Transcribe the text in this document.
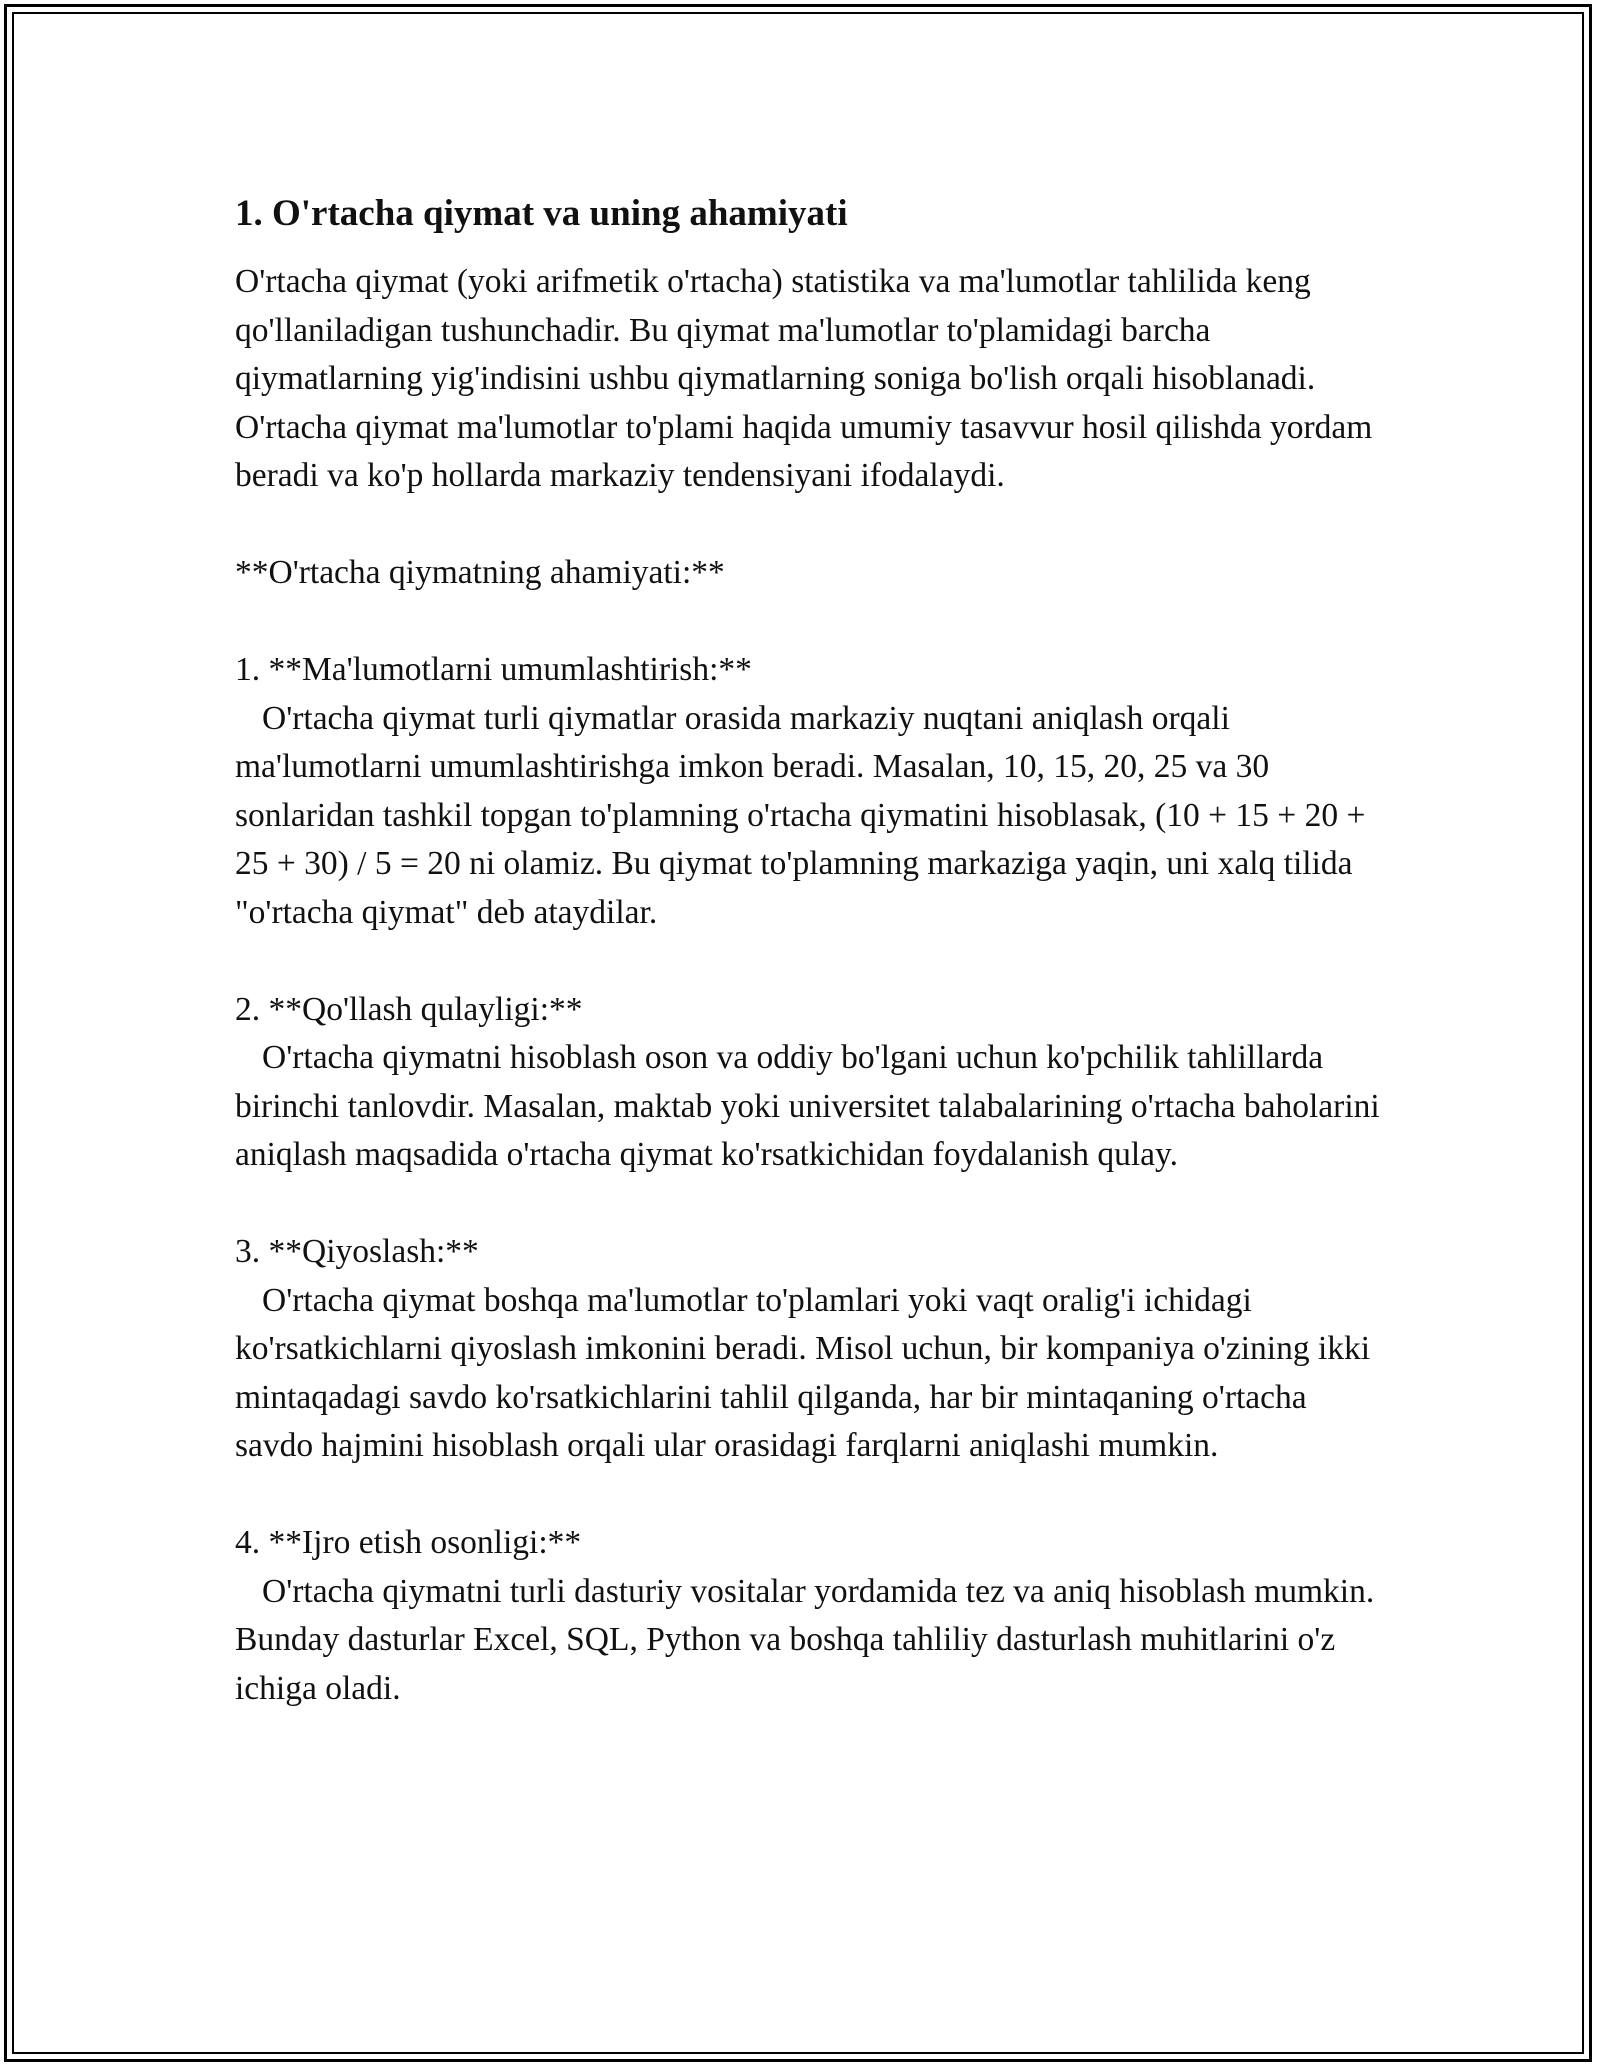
1. O'rtacha qiymat va uning ahamiyati

O'rtacha qiymat (yoki arifmetik o'rtacha) statistika va ma'lumotlar tahlilida keng qo'llaniladigan tushunchadir. Bu qiymat ma'lumotlar to'plamidagi barcha qiymatlarning yig'indisini ushbu qiymatlarning soniga bo'lish orqali hisoblanadi. O'rtacha qiymat ma'lumotlar to'plami haqida umumiy tasavvur hosil qilishda yordam beradi va ko'p hollarda markaziy tendensiyani ifodalaydi.

**O'rtacha qiymatning ahamiyati:**

1. **Ma'lumotlarni umumlashtirish:**

O'rtacha qiymat turli qiymatlar orasida markaziy nuqtani aniqlash orqali ma'lumotlarni umumlashtirishga imkon beradi. Masalan, 10, 15, 20, 25 va 30 sonlaridan tashkil topgan to'plamning o'rtacha qiymatini hisoblasak, (10 + 15 + 20 + 25 + 30) / 5 = 20 ni olamiz. Bu qiymat to'plamning markaziga yaqin, uni xalq tilida "o'rtacha qiymat" deb ataydilar.

2. **Qo'llash qulayligi:**

O'rtacha qiymatni hisoblash oson va oddiy bo'lgani uchun ko'pchilik tahlillarda birinchi tanlovdir. Masalan, maktab yoki universitet talabalarining o'rtacha baholarini aniqlash maqsadida o'rtacha qiymat ko'rsatkichidan foydalanish qulay.

3. **Qiyoslash:**

O'rtacha qiymat boshqa ma'lumotlar to'plamlari yoki vaqt oralig'i ichidagi ko'rsatkichlarni qiyoslash imkonini beradi. Misol uchun, bir kompaniya o'zining ikki mintaqadagi savdo ko'rsatkichlarini tahlil qilganda, har bir mintaqaning o'rtacha savdo hajmini hisoblash orqali ular orasidagi farqlarni aniqlashi mumkin.

4. **Ijro etish osonligi:**

O'rtacha qiymatni turli dasturiy vositalar yordamida tez va aniq hisoblash mumkin. Bunday dasturlar Excel, SQL, Python va boshqa tahliliy dasturlash muhitlarini o'z ichiga oladi.
